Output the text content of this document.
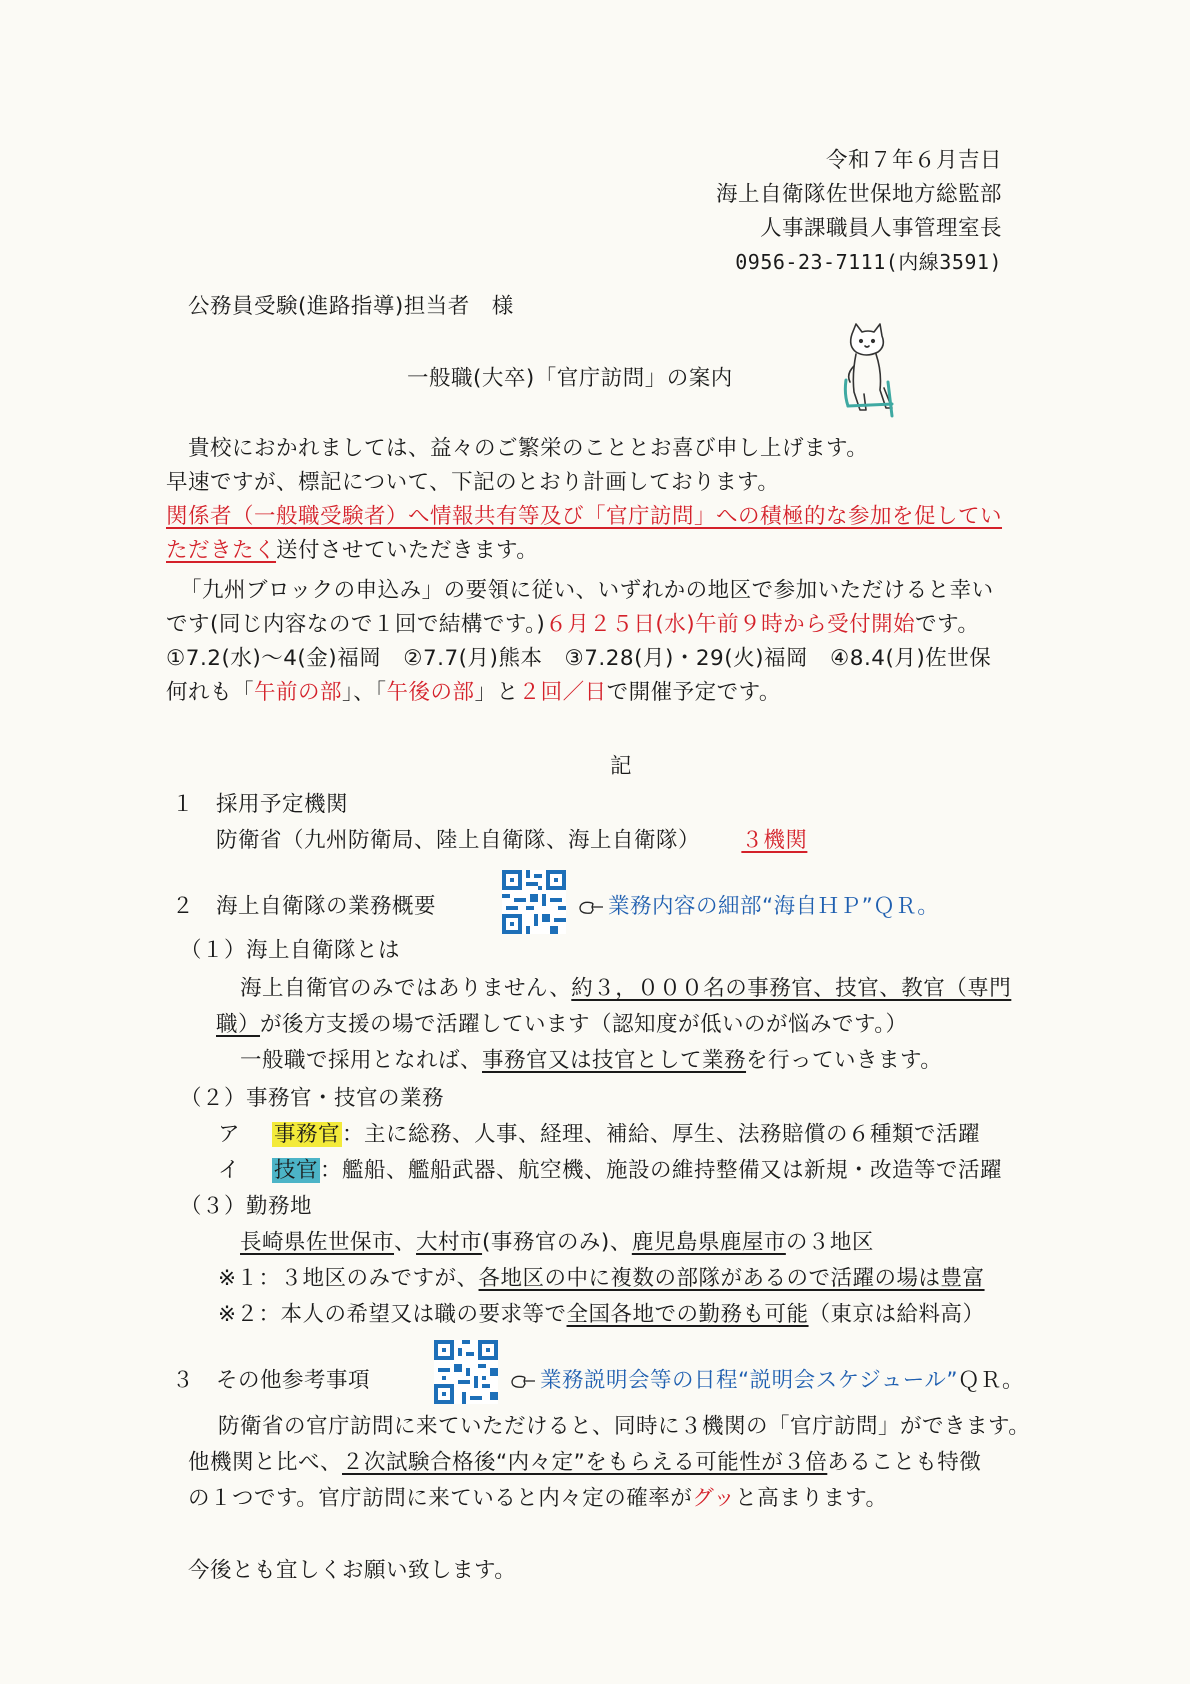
令和７年６月吉日
海上自衛隊佐世保地方総監部
人事課職員人事管理室長
0956-23-7111(内線3591)
公務員受験(進路指導)担当者　様
一般職(大卒)「官庁訪問」の案内
貴校におかれましては、益々のご繁栄のこととお喜び申し上げます。
早速ですが、標記について、下記のとおり計画しております。
関係者（一般職受験者）へ情報共有等及び「官庁訪問」への積極的な参加を促してい
ただきたく送付させていただきます。
「九州ブロックの申込み」の要領に従い、いずれかの地区で参加いただけると幸い
です(同じ内容なので１回で結構です。)６月２５日(水)午前９時から受付開始です。
①7.2(水)～4(金)福岡　②7.7(月)熊本　③7.28(月)・29(火)福岡　④8.4(月)佐世保
何れも「午前の部」、「午後の部」と２回／日で開催予定です。
記
１ 採用予定機関
防衛省（九州防衛局、陸上自衛隊、海上自衛隊） ３機関
２ 海上自衛隊の業務概要	業務内容の細部“海自ＨＰ”ＱＲ。
（１）海上自衛隊とは
海上自衛官のみではありません、約３，０００名の事務官、技官、教官（専門
職）が後方支援の場で活躍しています（認知度が低いのが悩みです。）
一般職で採用となれば、事務官又は技官として業務を行っていきます。
（２）事務官・技官の業務
ア 事務官：主に総務、人事、経理、補給、厚生、法務賠償の６種類で活躍
イ 技官：艦船、艦船武器、航空機、施設の維持整備又は新規・改造等で活躍
（３）勤務地
長崎県佐世保市、大村市(事務官のみ)、鹿児島県鹿屋市の３地区
※１：３地区のみですが、各地区の中に複数の部隊があるので活躍の場は豊富
※２：本人の希望又は職の要求等で全国各地での勤務も可能（東京は給料高）
３ その他参考事項	業務説明会等の日程“説明会スケジュール”ＱＲ。
防衛省の官庁訪問に来ていただけると、同時に３機関の「官庁訪問」ができます。
他機関と比べ、２次試験合格後“内々定”をもらえる可能性が３倍あることも特徴
の１つです。官庁訪問に来ていると内々定の確率がグッと高まります。
今後とも宜しくお願い致します。
